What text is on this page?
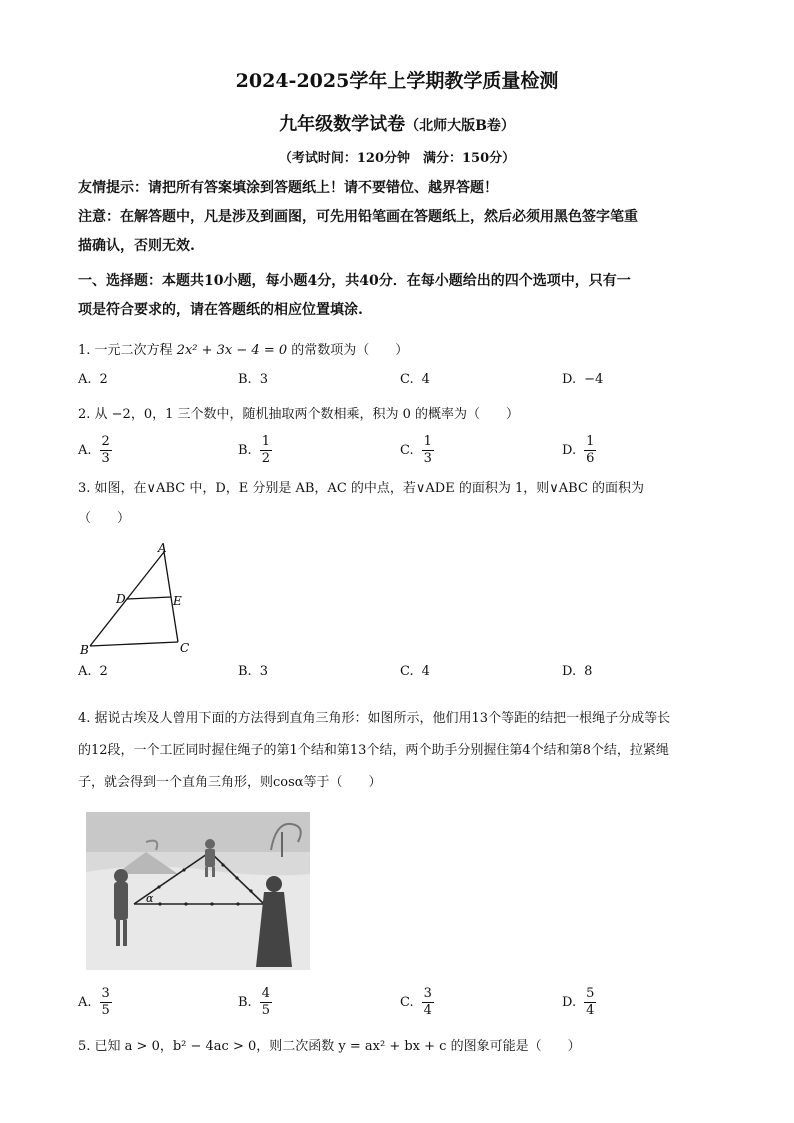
2024-2025学年上学期教学质量检测
九年级数学试卷（北师大版B卷）
（考试时间：120分钟　满分：150分）
友情提示：请把所有答案填涂到答题纸上！请不要错位、越界答题！
注意：在解答题中，凡是涉及到画图，可先用铅笔画在答题纸上，然后必须用黑色签字笔重
描确认，否则无效.
一、选择题：本题共10小题，每小题4分，共40分．在每小题给出的四个选项中，只有一
项是符合要求的，请在答题纸的相应位置填涂.
1. 一元二次方程 2x² + 3x − 4 = 0 的常数项为（　　）
A. 2	B. 3	C. 4	D. −4
2. 从 −2，0，1 三个数中，随机抽取两个数相乘，积为 0 的概率为（　　）
A. $\frac{2}{3}$	B. $\frac{1}{2}$	C. $\frac{1}{3}$	D. $\frac{1}{6}$
3. 如图，在∨ABC 中，D，E 分别是 AB，AC 的中点，若∨ADE 的面积为 1，则∨ABC 的面积为
（　　）
A
B	C
D	E
A. 2	B. 3	C. 4	D. 8
4. 据说古埃及人曾用下面的方法得到直角三角形：如图所示，他们用13个等距的结把一根绳子分成等长
的12段，一个工匠同时握住绳子的第1个结和第13个结，两个助手分别握住第4个结和第8个结，拉紧绳
子，就会得到一个直角三角形，则cosα等于（　　）
α
A. $\frac{3}{5}$	B. $\frac{4}{5}$	C. $\frac{3}{4}$	D. $\frac{5}{4}$
5. 已知 a > 0，b² − 4ac > 0，则二次函数 y = ax² + bx + c 的图象可能是（　　）
